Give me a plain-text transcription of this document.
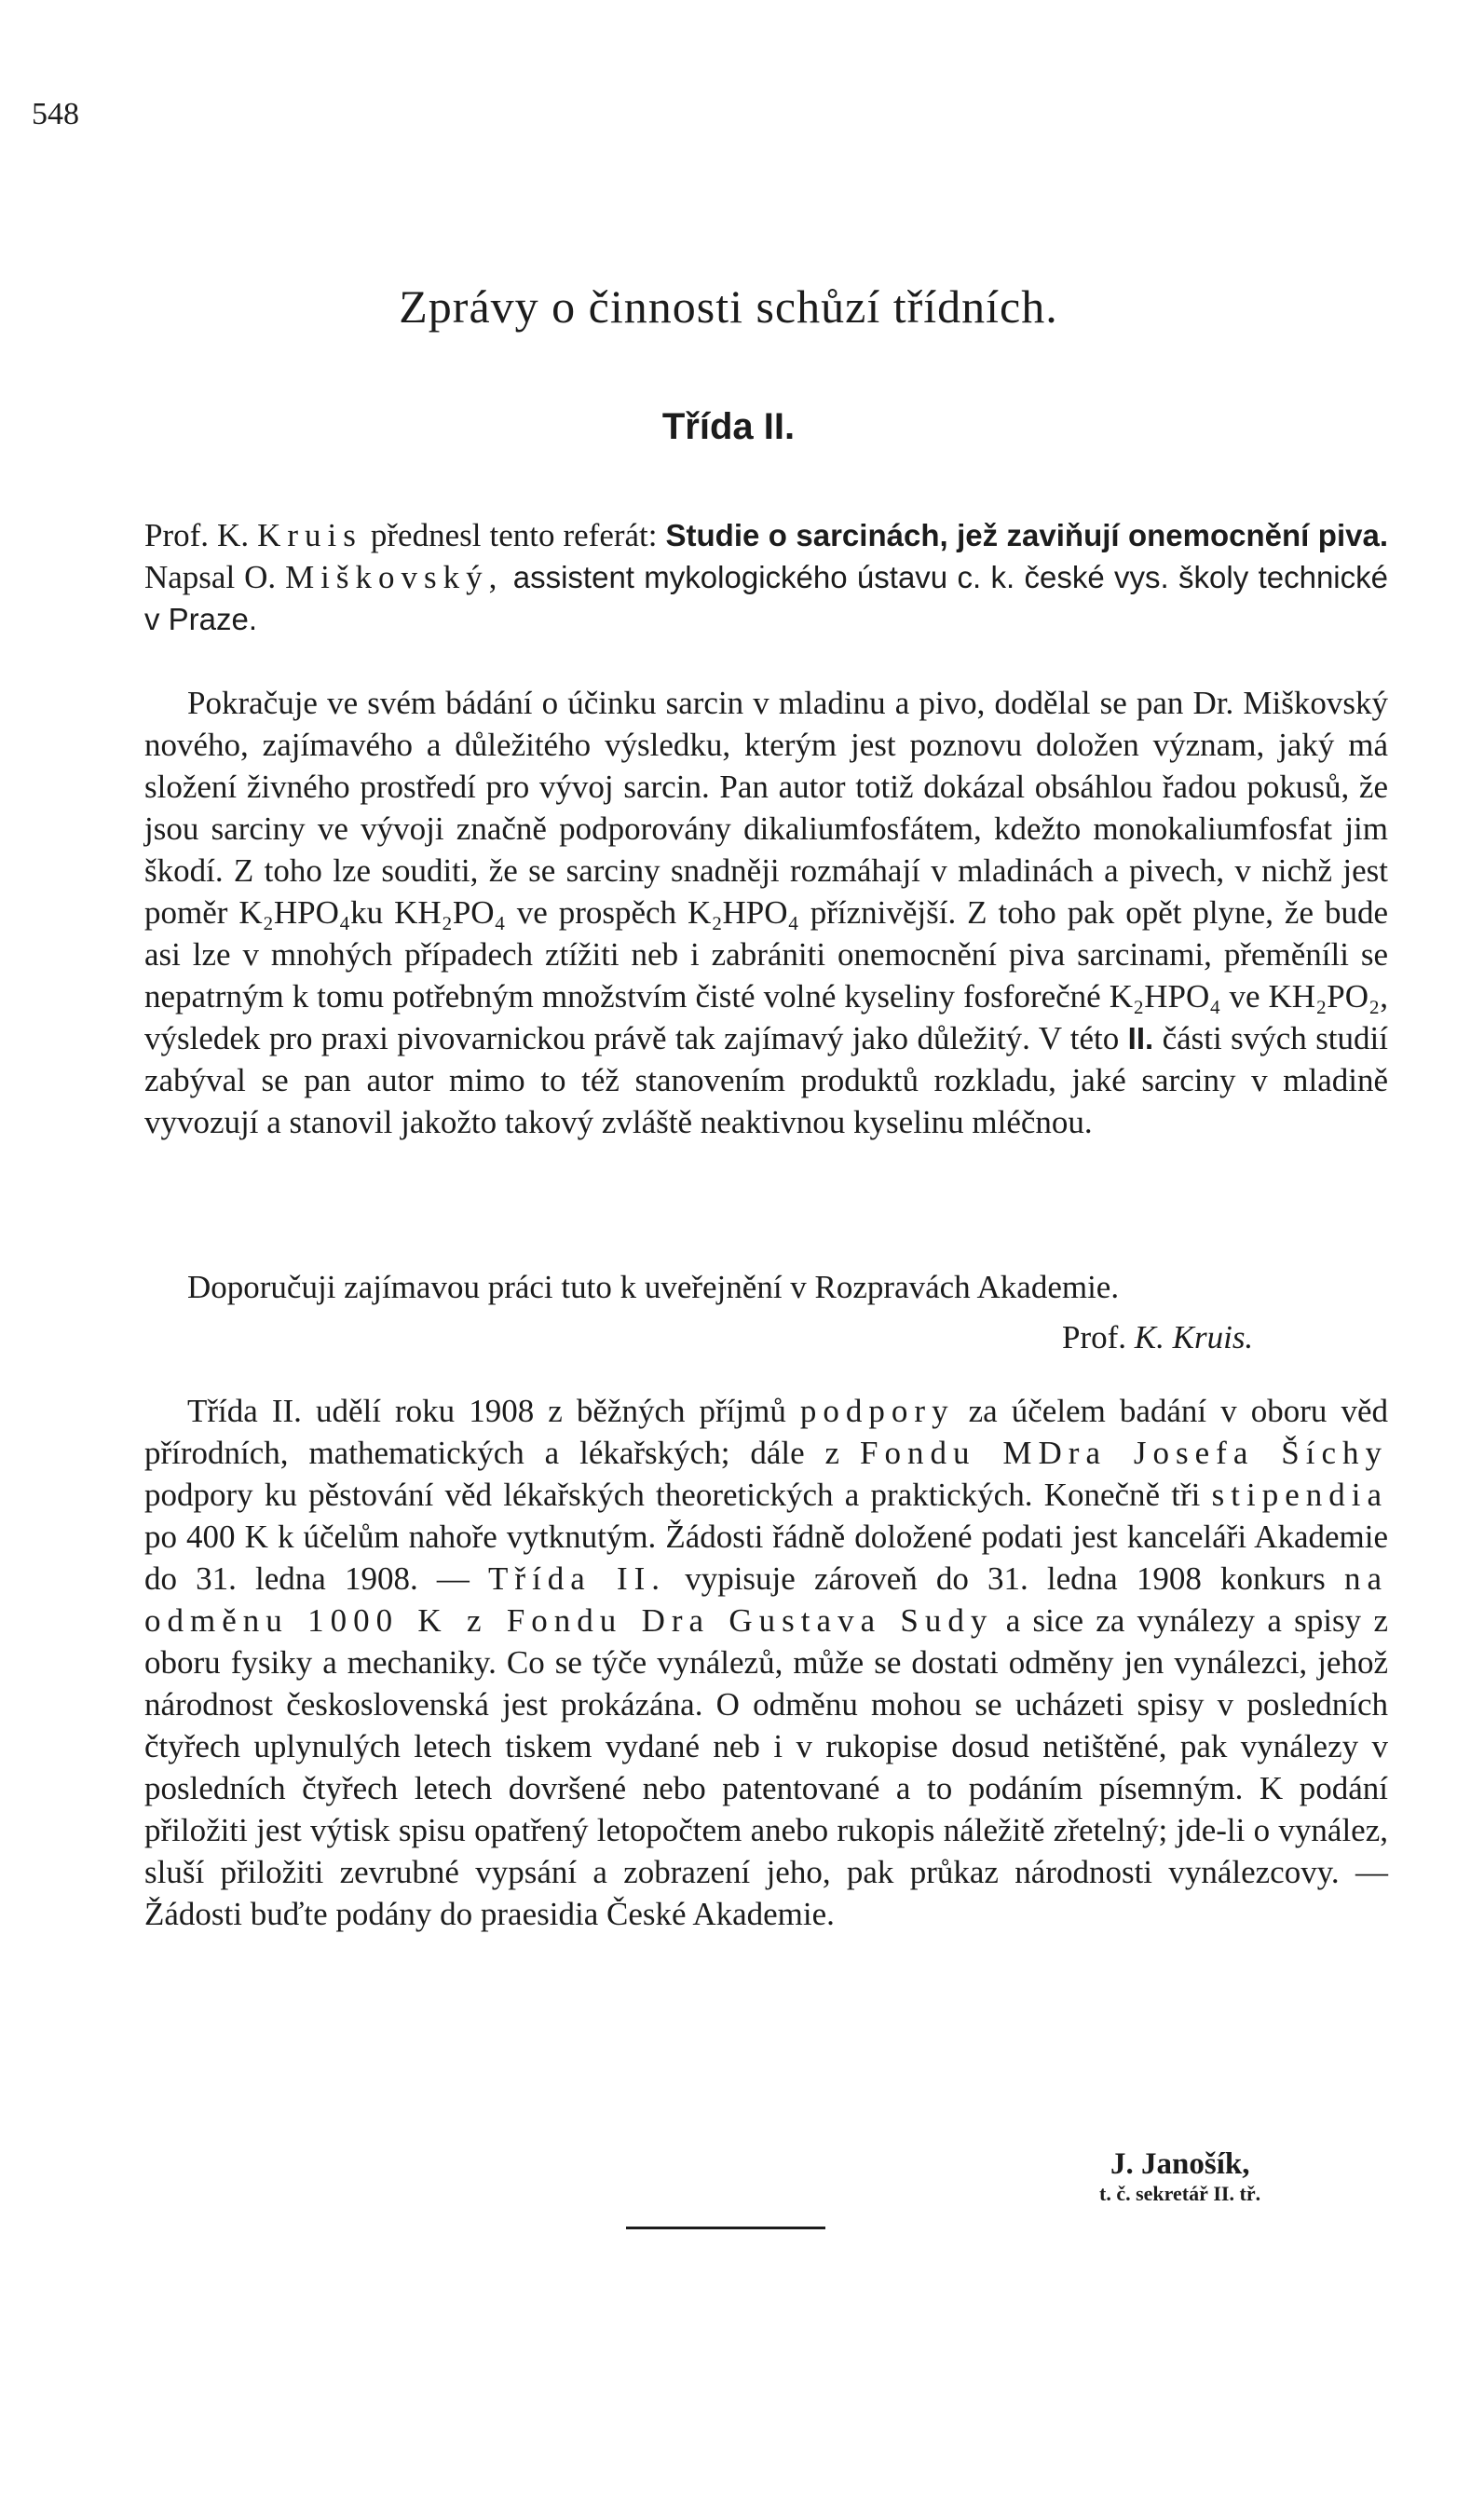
548
Zprávy o činnosti schůzí třídních.
Třída II.
Prof. K. Kruis přednesl tento referát: Studie o sarcinách, jež zaviňují onemocnění piva. Napsal O. Miškovský, assistent mykologického ústavu c. k. české vys. školy technické v Praze.
Pokračuje ve svém bádání o účinku sarcin v mladinu a pivo, dodělal se pan Dr. Miškovský nového, zajímavého a důležitého výsledku, kterým jest poznovu doložen význam, jaký má složení živného prostředí pro vývoj sarcin. Pan autor totiž dokázal obsáhlou řadou pokusů, že jsou sarciny ve vývoji značně podporovány dikaliumfosfátem, kdežto monokaliumfosfat jim škodí. Z toho lze souditi, že se sarciny snadněji rozmáhají v mladinách a pivech, v nichž jest poměr K₂HPO₄ku KH₂PO₄ ve prospěch K₂HPO₄ příznivější. Z toho pak opět plyne, že bude asi lze v mnohých případech ztížiti neb i zabrániti onemocnění piva sarcinami, přeměníli se nepatrným k tomu potřebným množstvím čisté volné kyseliny fosforečné K₂HPO₄ ve KH₂PO₂, výsledek pro praxi pivovarnickou právě tak zajímavý jako důležitý. V této II. části svých studií zabýval se pan autor mimo to též stanovením produktů rozkladu, jaké sarciny v mladině vyvozují a stanovil jakožto takový zvláště neaktivnou kyselinu mléčnou.
Doporučuji zajímavou práci tuto k uveřejnění v Rozpravách Akademie.
Prof. K. Kruis.
Třída II. udělí roku 1908 z běžných příjmů podpory za účelem badání v oboru věd přírodních, mathematických a lékařských; dále z Fondu MDra Josefa Šíchy podpory ku pěstování věd lékařských theoretických a praktických. Konečně tři stipendia po 400 K k účelům nahoře vytknutým. Žádosti řádně doložené podati jest kanceláři Akademie do 31. ledna 1908. — Třída II. vypisuje zároveň do 31. ledna 1908 konkurs na odměnu 1000 K z Fondu Dra Gustava Sudy a sice za vynálezy a spisy z oboru fysiky a mechaniky. Co se týče vynálezů, může se dostati odměny jen vynálezci, jehož národnost československá jest prokázána. O odměnu mohou se ucházeti spisy v posledních čtyřech uplynulých letech tiskem vydané neb i v rukopise dosud netištěné, pak vynálezy v posledních čtyřech letech dovršené nebo patentované a to podáním písemným. K podání přiložiti jest výtisk spisu opatřený letopočtem anebo rukopis náležitě zřetelný; jde-li o vynález, sluší přiložiti zevrubné vypsání a zobrazení jeho, pak průkaz národnosti vynálezcovy. — Žádosti buďte podány do praesidia České Akademie.
J. Janošík,
t. č. sekretář II. tř.
